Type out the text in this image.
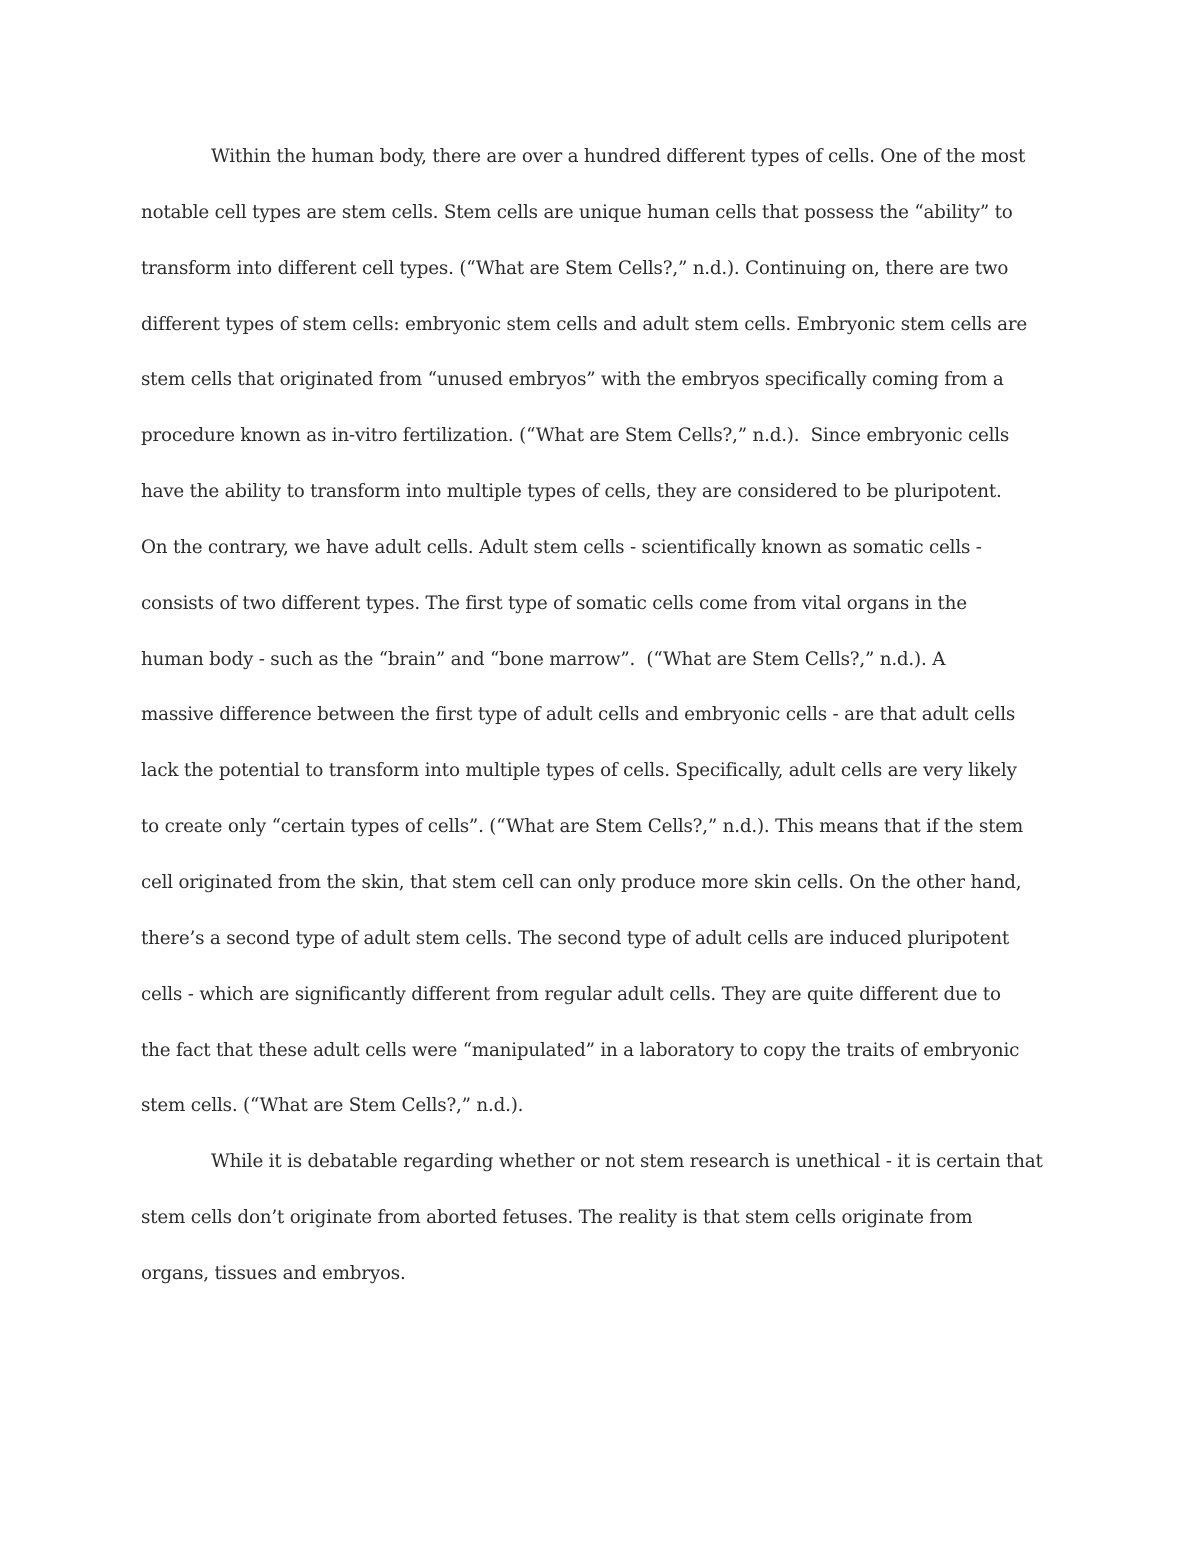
Within the human body, there are over a hundred different types of cells. One of the most
notable cell types are stem cells. Stem cells are unique human cells that possess the “ability” to
transform into different cell types. (“What are Stem Cells?,” n.d.). Continuing on, there are two
different types of stem cells: embryonic stem cells and adult stem cells. Embryonic stem cells are
stem cells that originated from “unused embryos” with the embryos specifically coming from a
procedure known as in-vitro fertilization. (“What are Stem Cells?,” n.d.).  Since embryonic cells
have the ability to transform into multiple types of cells, they are considered to be pluripotent.
On the contrary, we have adult cells. Adult stem cells - scientifically known as somatic cells -
consists of two different types. The first type of somatic cells come from vital organs in the
human body - such as the “brain” and “bone marrow”.  (“What are Stem Cells?,” n.d.). A
massive difference between the first type of adult cells and embryonic cells - are that adult cells
lack the potential to transform into multiple types of cells. Specifically, adult cells are very likely
to create only “certain types of cells”. (“What are Stem Cells?,” n.d.). This means that if the stem
cell originated from the skin, that stem cell can only produce more skin cells. On the other hand,
there’s a second type of adult stem cells. The second type of adult cells are induced pluripotent
cells - which are significantly different from regular adult cells. They are quite different due to
the fact that these adult cells were “manipulated” in a laboratory to copy the traits of embryonic
stem cells. (“What are Stem Cells?,” n.d.).
While it is debatable regarding whether or not stem research is unethical - it is certain that
stem cells don’t originate from aborted fetuses. The reality is that stem cells originate from
organs, tissues and embryos.
